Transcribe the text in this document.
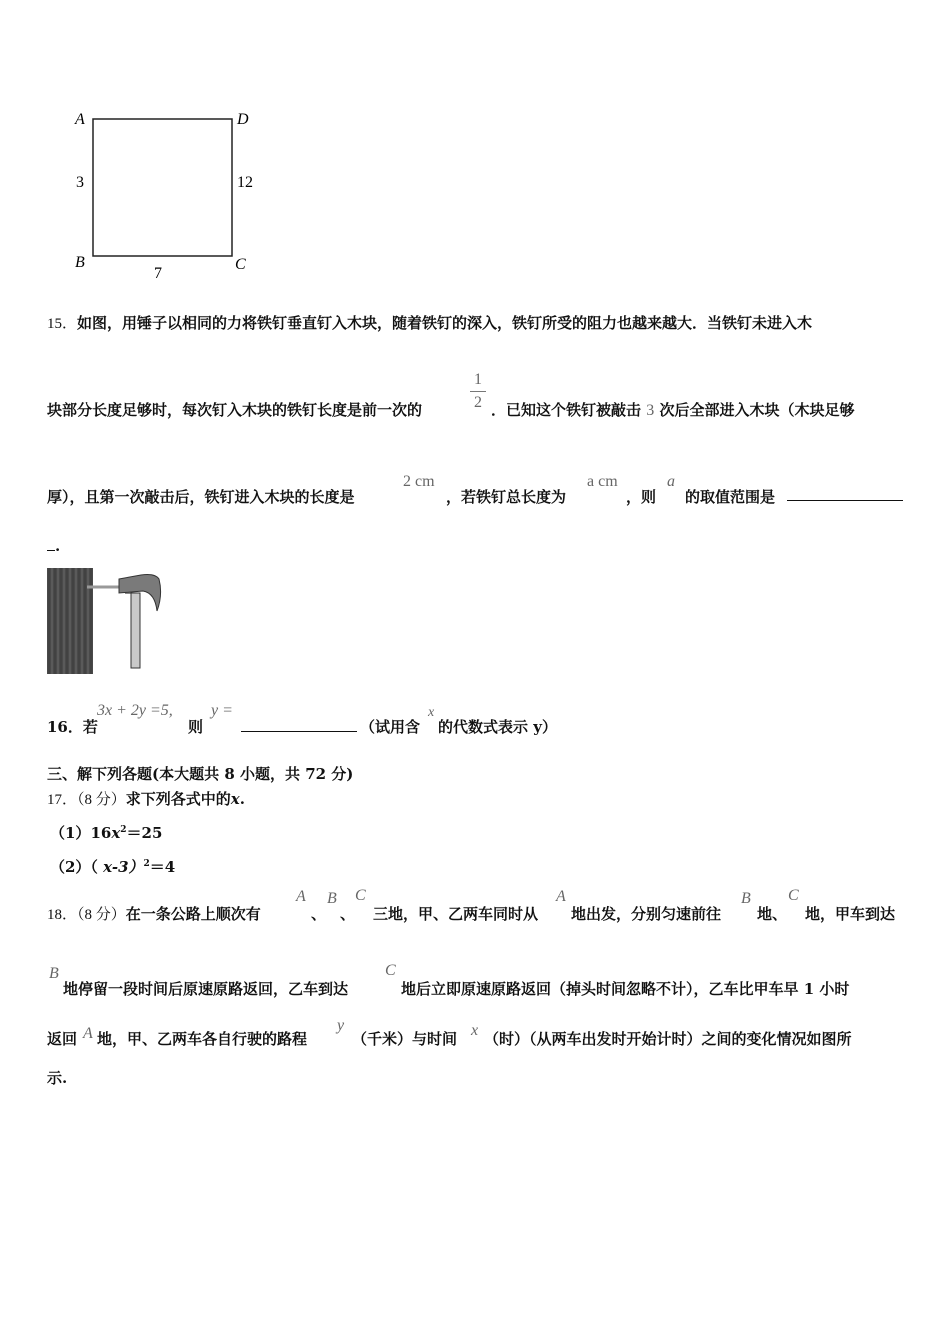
A	D
B	C
3	12
7
15．如图，用锤子以相同的力将铁钉垂直钉入木块，随着铁钉的深入，铁钉所受的阻力也越来越大．当铁钉未进入木
块部分长度足够时，每次钉入木块的铁钉长度是前一次的
1
2 ．已知这个铁钉被敲击 3 次后全部进入木块（木块足够
厚），且第一次敲击后，铁钉进入木块的长度是
2 cm
，若铁钉总长度为
a cm
，则
a
的取值范围是
.
16．若
3x + 2y =5,
则
y =
（试用含
x
的代数式表示 y）
三、解下列各题(本大题共 8 小题，共 72 分)
17．（8 分）求下列各式中的x.
$(1)16x^2=25$
（2）（ x-3）$^2$＝4
18．（8 分）在一条公路上顺次有
A
、
B
、
C
三地，甲、乙两车同时从
A
地出发，分别匀速前往
B
地、
C
地，甲车到达
B
地停留一段时间后原速原路返回，乙车到达
C
地后立即原速原路返回（掉头时间忽略不计），乙车比甲车早 1 小时
返回 A 地，甲、乙两车各自行驶的路程
y
（千米）与时间 x （时）（从两车出发时开始计时）之间的变化情况如图所
示.
